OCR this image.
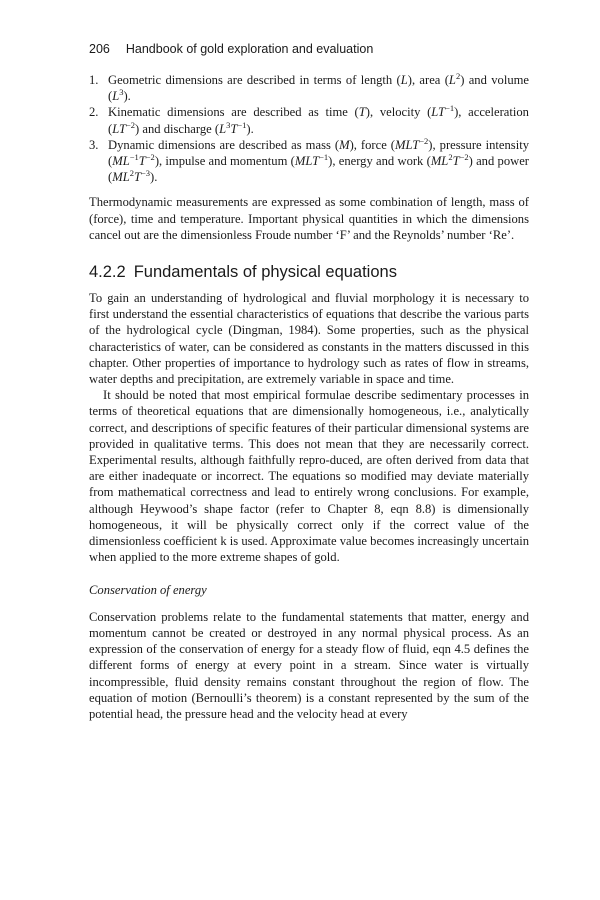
206 Handbook of gold exploration and evaluation
1. Geometric dimensions are described in terms of length (L), area $(L^2)$ and volume $(L^3)$.
2. Kinematic dimensions are described as time (T), velocity $(LT^{-1})$, acceleration $(LT^{-2})$ and discharge $(L^3T^{-1})$.
3. Dynamic dimensions are described as mass (M), force $(MLT^{-2})$, pressure intensity $(ML^{-1}T^{-2})$, impulse and momentum $(MLT^{-1})$, energy and work $(ML^2T^{-2})$ and power $(ML^2T^{-3})$.

Thermodynamic measurements are expressed as some combination of length, mass of (force), time and temperature. Important physical quantities in which the dimensions cancel out are the dimensionless Froude number ‘F’ and the Reynolds’ number ‘Re’.

4.2.2 Fundamentals of physical equations

To gain an understanding of hydrological and fluvial morphology it is necessary to first understand the essential characteristics of equations that describe the various parts of the hydrological cycle (Dingman, 1984). Some properties, such as the physical characteristics of water, can be considered as constants in the matters discussed in this chapter. Other properties of importance to hydrology such as rates of flow in streams, water depths and precipitation, are extremely variable in space and time.

It should be noted that most empirical formulae describe sedimentary processes in terms of theoretical equations that are dimensionally homogeneous, i.e., analytically correct, and descriptions of specific features of their particular dimensional systems are provided in qualitative terms. This does not mean that they are necessarily correct. Experimental results, although faithfully repro-duced, are often derived from data that are either inadequate or incorrect. The equations so modified may deviate materially from mathematical correctness and lead to entirely wrong conclusions. For example, although Heywood’s shape factor (refer to Chapter 8, eqn 8.8) is dimensionally homogeneous, it will be physically correct only if the correct value of the dimensionless coefficient k is used. Approximate value becomes increasingly uncertain when applied to the more extreme shapes of gold.

Conservation of energy

Conservation problems relate to the fundamental statements that matter, energy and momentum cannot be created or destroyed in any normal physical process. As an expression of the conservation of energy for a steady flow of fluid, eqn 4.5 defines the different forms of energy at every point in a stream. Since water is virtually incompressible, fluid density remains constant throughout the region of flow. The equation of motion (Bernoulli’s theorem) is a constant represented by the sum of the potential head, the pressure head and the velocity head at every
